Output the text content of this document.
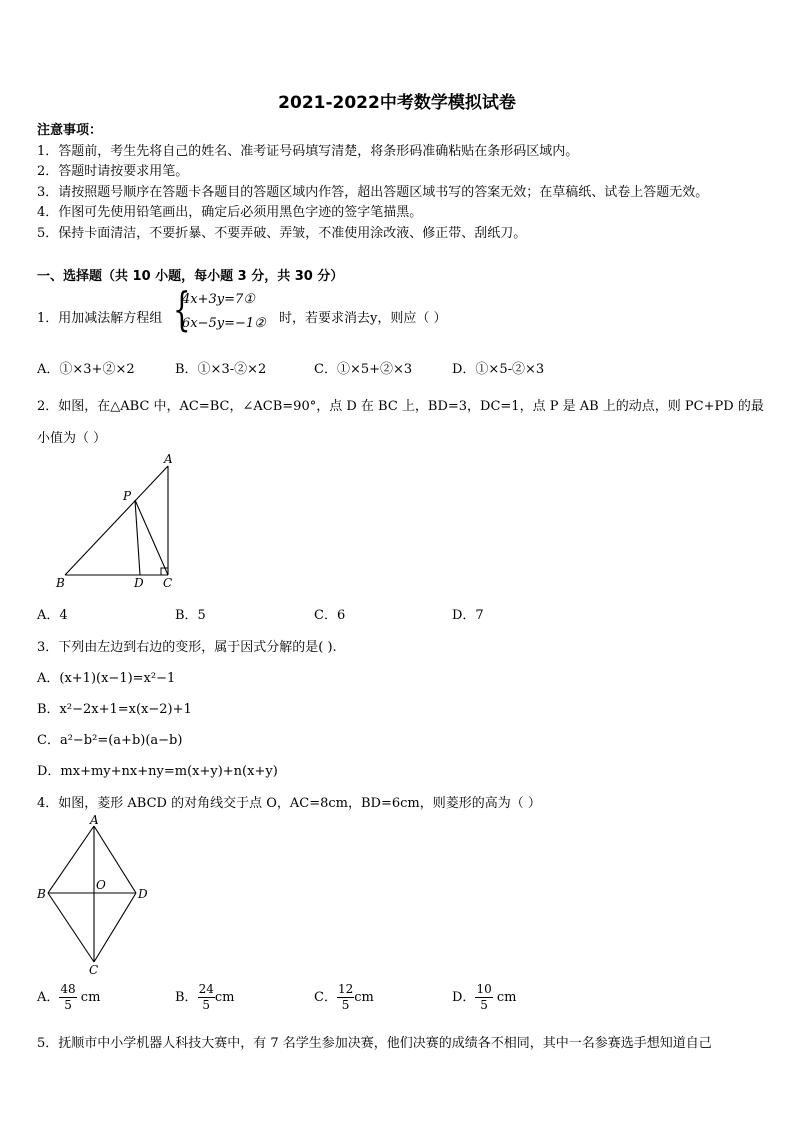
2021-2022中考数学模拟试卷
注意事项：
1．答题前，考生先将自己的姓名、准考证号码填写清楚，将条形码准确粘贴在条形码区域内。
2．答题时请按要求用笔。
3．请按照题号顺序在答题卡各题目的答题区域内作答，超出答题区域书写的答案无效；在草稿纸、试卷上答题无效。
4．作图可先使用铅笔画出，确定后必须用黑色字迹的签字笔描黑。
5．保持卡面清洁，不要折暴、不要弄破、弄皱，不准使用涂改液、修正带、刮纸刀。
一、选择题（共 10 小题，每小题 3 分，共 30 分）
1．用加减法解方程组 {
4x+3y=7①
6x−5y=−1② 时，若要求消去y，则应（ ）
A．①×3+②×2	B．①×3-②×2	C．①×5+②×3	D．①×5-②×3
2．如图，在△ABC 中，AC=BC，∠ACB=90°，点 D 在 BC 上，BD=3，DC=1，点 P 是 AB 上的动点，则 PC+PD 的最
小值为（ ）
A
P
B	D C
A．4	B．5	C．6	D．7
3．下列由左边到右边的变形，属于因式分解的是( ).
A．(x+1)(x−1)=x²−1
B．x²−2x+1=x(x−2)+1
C．a²−b²=(a+b)(a−b)
D．mx+my+nx+ny=m(x+y)+n(x+y)
4．如图，菱形 ABCD 的对角线交于点 O，AC=8cm，BD=6cm，则菱形的高为（ ）
A
B
O
D
C
A． $\frac{48}{5}$ cm	B． $\frac{24}{5}$ cm	C． $\frac{12}{5}$ cm	D． $\frac{10}{5}$ cm
5．抚顺市中小学机器人科技大赛中，有 7 名学生参加决赛，他们决赛的成绩各不相同，其中一名参赛选手想知道自己
